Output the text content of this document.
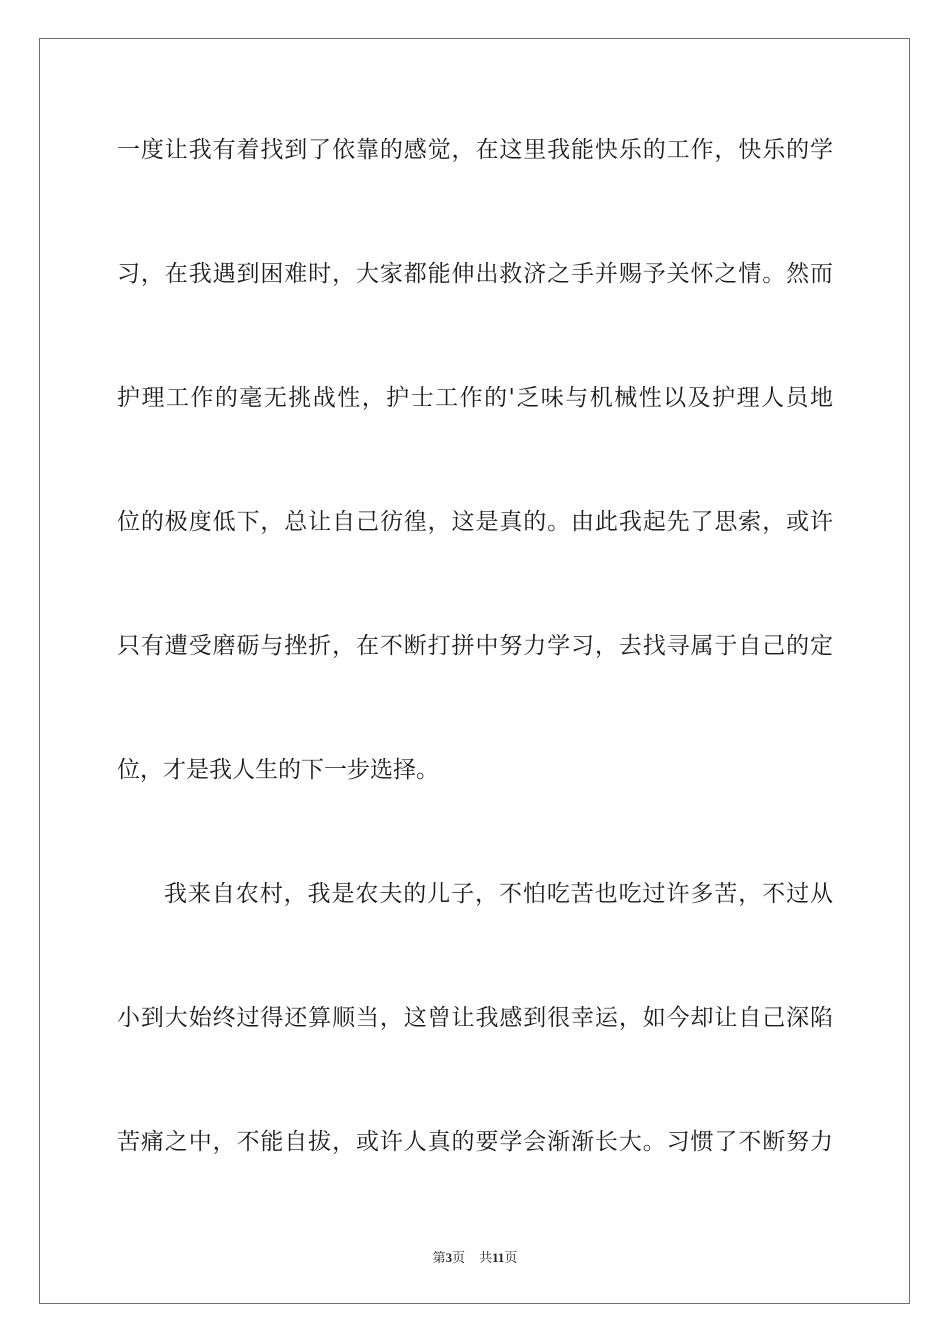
一度让我有着找到了依靠的感觉，在这里我能快乐的工作，快乐的学
习，在我遇到困难时，大家都能伸出救济之手并赐予关怀之情。然而
护理工作的毫无挑战性，护士工作的'乏味与机械性以及护理人员地
位的极度低下，总让自己彷徨，这是真的。由此我起先了思索，或许
只有遭受磨砺与挫折，在不断打拼中努力学习，去找寻属于自己的定
位，才是我人生的下一步选择。
我来自农村，我是农夫的儿子，不怕吃苦也吃过许多苦，不过从
小到大始终过得还算顺当，这曾让我感到很幸运，如今却让自己深陷
苦痛之中，不能自拔，或许人真的要学会渐渐长大。习惯了不断努力
第3页 共11页
